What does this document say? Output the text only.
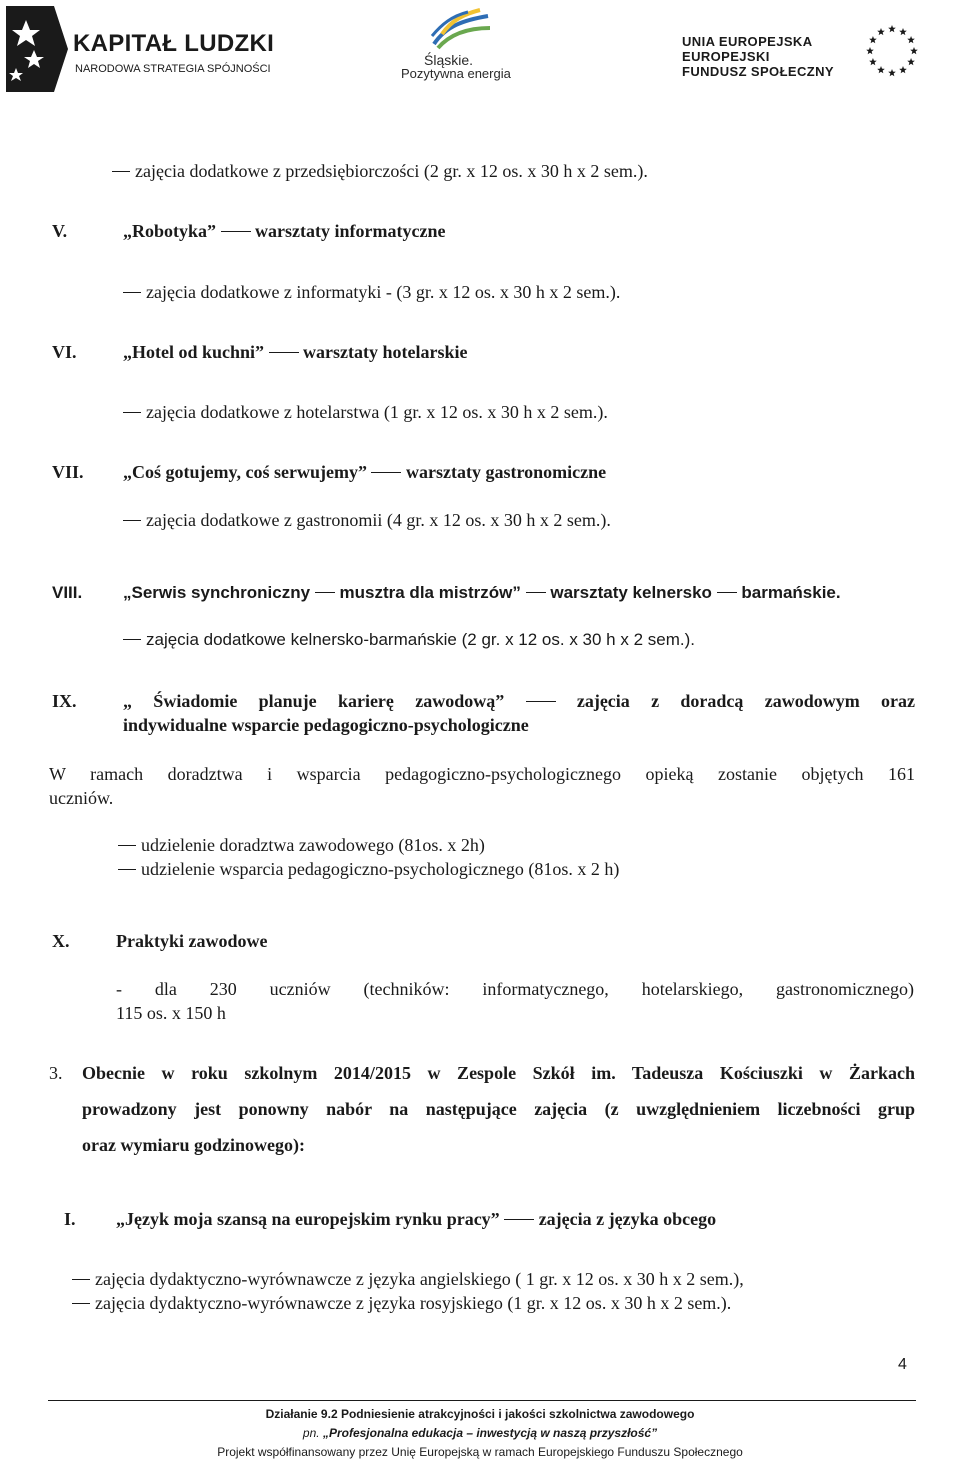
KAPITAŁ LUDZKI
NARODOWA STRATEGIA SPÓJNOŚCI
Śląskie.
Pozytywna energia
UNIA EUROPEJSKA
EUROPEJSKI
FUNDUSZ SPOŁECZNY
zajęcia dodatkowe z przedsiębiorczości (2 gr. x 12 os. x 30 h x 2 sem.).
V.	„Robotyka”  warsztaty informatyczne
zajęcia dodatkowe z informatyki - (3 gr. x 12 os. x 30 h x 2 sem.).
VI.	„Hotel od kuchni”  warsztaty hotelarskie
zajęcia dodatkowe z hotelarstwa (1 gr. x 12 os. x 30 h x 2 sem.).
VII. „Coś gotujemy, coś serwujemy”  warsztaty gastronomiczne
zajęcia dodatkowe z gastronomii (4 gr. x 12 os. x 30 h x 2 sem.).
VIII. „Serwis synchroniczny  musztra dla mistrzów”  warsztaty kelnersko  barmańskie.
zajęcia dodatkowe kelnersko-barmańskie (2 gr. x 12 os. x 30 h x 2 sem.).
IX.	„ Świadomie planuje karierę zawodową”  zajęcia z doradcą zawodowym oraz
indywidualne wsparcie pedagogiczno-psychologiczne
W ramach doradztwa i wsparcia pedagogiczno-psychologicznego opieką zostanie objętych 161
uczniów.
udzielenie doradztwa zawodowego (81os. x 2h)
udzielenie wsparcia pedagogiczno-psychologicznego (81os. x 2 h)
X.	Praktyki zawodowe
- dla 230 uczniów (techników: informatycznego, hotelarskiego, gastronomicznego)
115 os. x 150 h
3. Obecnie w roku szkolnym 2014/2015 w Zespole Szkół im. Tadeusza Kościuszki w Żarkach
prowadzony jest ponowny nabór na następujące zajęcia (z uwzględnieniem liczebności grup
oraz wymiaru godzinowego):
I. „Język moja szansą na europejskim rynku pracy”  zajęcia z języka obcego
zajęcia dydaktyczno-wyrównawcze z języka angielskiego ( 1 gr. x 12 os. x 30 h x 2 sem.),
zajęcia dydaktyczno-wyrównawcze z języka rosyjskiego (1 gr. x 12 os. x 30 h x 2 sem.).
4
Działanie 9.2 Podniesienie atrakcyjności i jakości szkolnictwa zawodowego
pn. „Profesjonalna edukacja – inwestycją w naszą przyszłość”
Projekt współfinansowany przez Unię Europejską w ramach Europejskiego Funduszu Społecznego
